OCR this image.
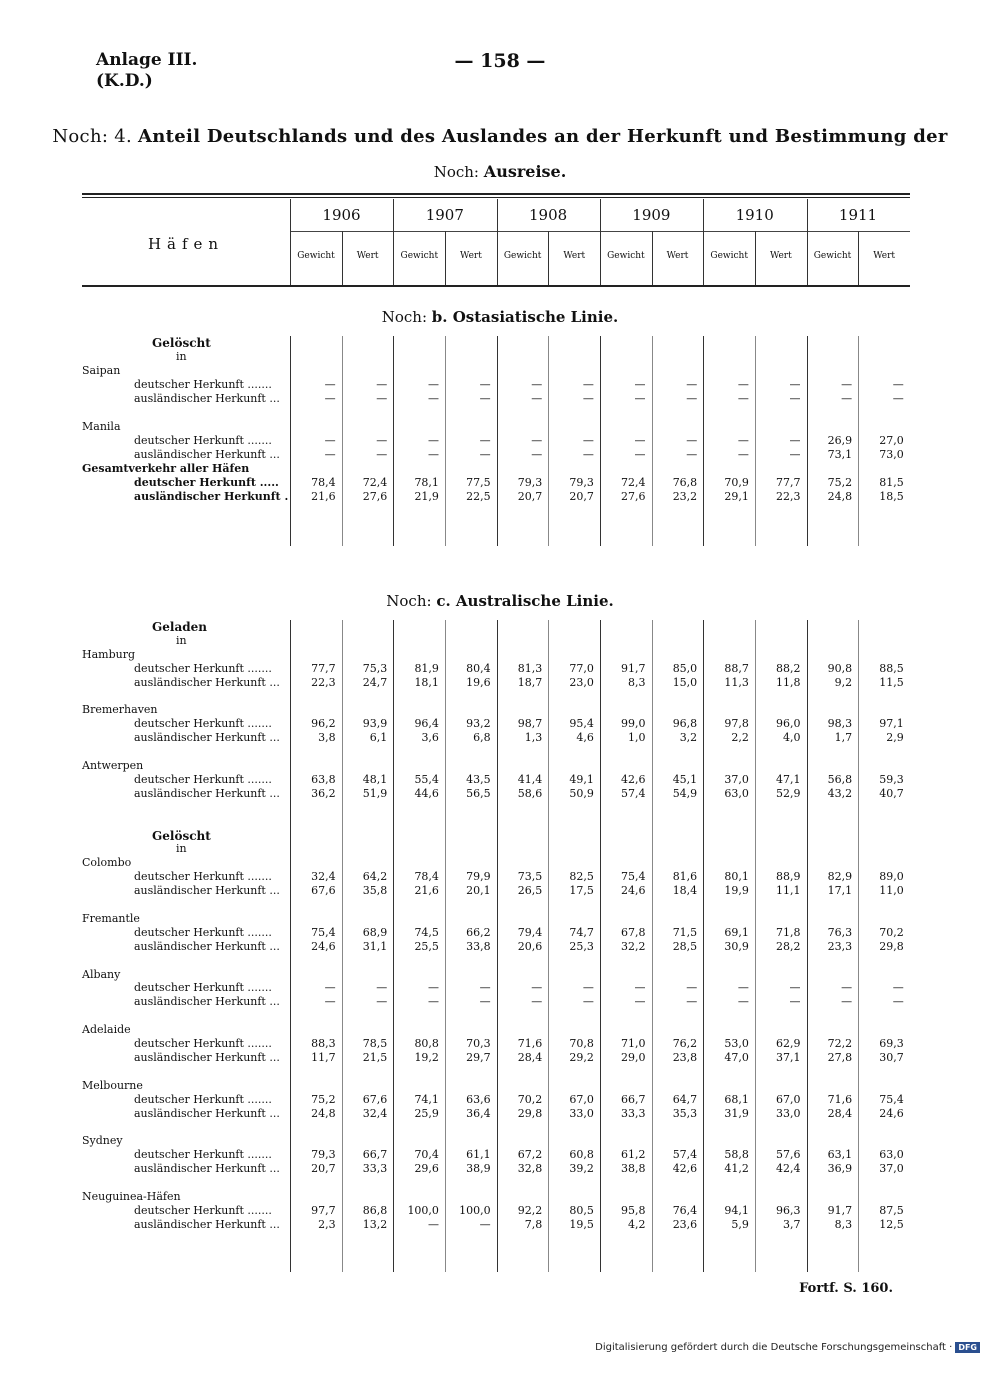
Anlage III.
(K.D.)
— 158 —
Noch: 4. Anteil Deutschlands und des Auslandes an der Herkunft und Bestimmung der
Noch: Ausreise.
Häfen
1906
Gewicht	Wert
1907
Gewicht	Wert
1908
Gewicht	Wert
1909
Gewicht	Wert
1910
Gewicht	Wert
1911
Gewicht	Wert
Noch: b. Ostasiatische Linie.
Gelöscht
in
Saipan
deutscher Herkunft .......	—	—	—	—	—	—	—	—	—	—	—	—
ausländischer Herkunft ...	—	—	—	—	—	—	—	—	—	—	—	—
Manila
deutscher Herkunft .......	—	—	—	—	—	—	—	—	—	—	26,9	27,0
ausländischer Herkunft ...	—	—	—	—	—	—	—	—	—	—	73,1	73,0
Gesamtverkehr aller Häfen
deutscher Herkunft .....	78,4	72,4	78,1	77,5	79,3	79,3	72,4	76,8	70,9	77,7	75,2	81,5
ausländischer Herkunft .	21,6	27,6	21,9	22,5	20,7	20,7	27,6	23,2	29,1	22,3	24,8	18,5
Noch: c. Australische Linie.
Geladen
in
Hamburg
deutscher Herkunft .......	77,7	75,3	81,9	80,4	81,3	77,0	91,7	85,0	88,7	88,2	90,8	88,5
ausländischer Herkunft ...	22,3	24,7	18,1	19,6	18,7	23,0	8,3	15,0	11,3	11,8	9,2	11,5
Bremerhaven
deutscher Herkunft .......	96,2	93,9	96,4	93,2	98,7	95,4	99,0	96,8	97,8	96,0	98,3	97,1
ausländischer Herkunft ...	3,8	6,1	3,6	6,8	1,3	4,6	1,0	3,2	2,2	4,0	1,7	2,9
Antwerpen
deutscher Herkunft .......	63,8	48,1	55,4	43,5	41,4	49,1	42,6	45,1	37,0	47,1	56,8	59,3
ausländischer Herkunft ...	36,2	51,9	44,6	56,5	58,6	50,9	57,4	54,9	63,0	52,9	43,2	40,7
Gelöscht
in
Colombo
deutscher Herkunft .......	32,4	64,2	78,4	79,9	73,5	82,5	75,4	81,6	80,1	88,9	82,9	89,0
ausländischer Herkunft ...	67,6	35,8	21,6	20,1	26,5	17,5	24,6	18,4	19,9	11,1	17,1	11,0
Fremantle
deutscher Herkunft .......	75,4	68,9	74,5	66,2	79,4	74,7	67,8	71,5	69,1	71,8	76,3	70,2
ausländischer Herkunft ...	24,6	31,1	25,5	33,8	20,6	25,3	32,2	28,5	30,9	28,2	23,3	29,8
Albany
deutscher Herkunft .......	—	—	—	—	—	—	—	—	—	—	—	—
ausländischer Herkunft ...	—	—	—	—	—	—	—	—	—	—	—	—
Adelaide
deutscher Herkunft .......	88,3	78,5	80,8	70,3	71,6	70,8	71,0	76,2	53,0	62,9	72,2	69,3
ausländischer Herkunft ...	11,7	21,5	19,2	29,7	28,4	29,2	29,0	23,8	47,0	37,1	27,8	30,7
Melbourne
deutscher Herkunft .......	75,2	67,6	74,1	63,6	70,2	67,0	66,7	64,7	68,1	67,0	71,6	75,4
ausländischer Herkunft ...	24,8	32,4	25,9	36,4	29,8	33,0	33,3	35,3	31,9	33,0	28,4	24,6
Sydney
deutscher Herkunft .......	79,3	66,7	70,4	61,1	67,2	60,8	61,2	57,4	58,8	57,6	63,1	63,0
ausländischer Herkunft ...	20,7	33,3	29,6	38,9	32,8	39,2	38,8	42,6	41,2	42,4	36,9	37,0
Neuguinea-Häfen
deutscher Herkunft .......	97,7	86,8	100,0	100,0	92,2	80,5	95,8	76,4	94,1	96,3	91,7	87,5
ausländischer Herkunft ...	2,3	13,2	—	—	7,8	19,5	4,2	23,6	5,9	3,7	8,3	12,5
Fortf. S. 160.
Digitalisierung gefördert durch die Deutsche Forschungsgemeinschaft · DFG
